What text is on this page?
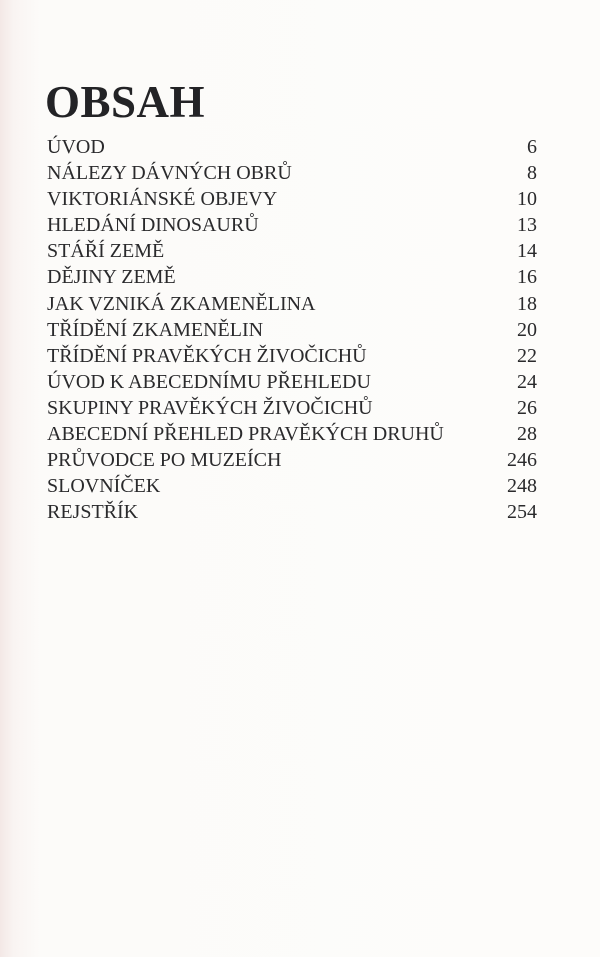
OBSAH
ÚVOD	6
NÁLEZY DÁVNÝCH OBRŮ	8
VIKTORIÁNSKÉ OBJEVY	10
HLEDÁNÍ DINOSAURŮ	13
STÁŘÍ ZEMĚ	14
DĚJINY ZEMĚ	16
JAK VZNIKÁ ZKAMENĚLINA	18
TŘÍDĚNÍ ZKAMENĚLIN	20
TŘÍDĚNÍ PRAVĚKÝCH ŽIVOČICHŮ	22
ÚVOD K ABECEDNÍMU PŘEHLEDU	24
SKUPINY PRAVĚKÝCH ŽIVOČICHŮ	26
ABECEDNÍ PŘEHLED PRAVĚKÝCH DRUHŮ	28
PRŮVODCE PO MUZEÍCH	246
SLOVNÍČEK	248
REJSTŘÍK	254
